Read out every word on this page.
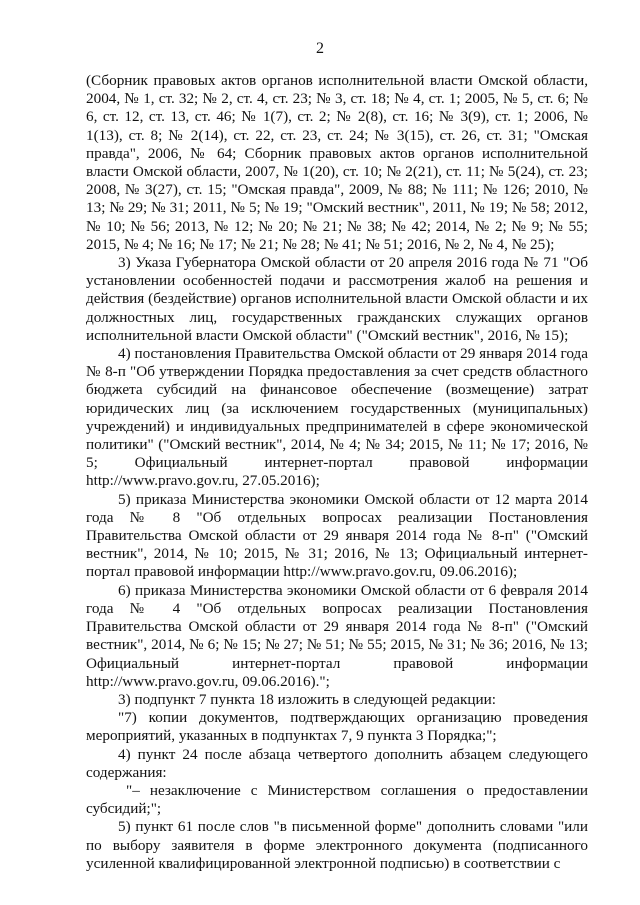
2

(Сборник правовых актов органов исполнительной власти Омской области, 2004, № 1, ст. 32; № 2, ст. 4, ст. 23; № 3, ст. 18; № 4, ст. 1; 2005, № 5, ст. 6; № 6, ст. 12, ст. 13, ст. 46; № 1(7), ст. 2; № 2(8), ст. 16; № 3(9), ст. 1; 2006, № 1(13), ст. 8; № 2(14), ст. 22, ст. 23, ст. 24; № 3(15), ст. 26, ст. 31; "Омская правда", 2006, № 64; Сборник правовых актов органов исполнительной власти Омской области, 2007, № 1(20), ст. 10; № 2(21), ст. 11; № 5(24), ст. 23; 2008, № 3(27), ст. 15; "Омская правда", 2009, № 88; № 111; № 126; 2010, № 13; № 29; № 31; 2011, № 5; № 19; "Омский вестник", 2011, № 19; № 58; 2012, № 10; № 56; 2013, № 12; № 20; № 21; № 38; № 42; 2014, № 2; № 9; № 55; 2015, № 4; № 16; № 17; № 21; № 28; № 41; № 51; 2016, № 2, № 4, № 25);

3) Указа Губернатора Омской области от 20 апреля 2016 года № 71 "Об установлении особенностей подачи и рассмотрения жалоб на решения и действия (бездействие) органов исполнительной власти Омской области и их должностных лиц, государственных гражданских служащих органов исполнительной власти Омской области" ("Омский вестник", 2016, № 15);

4) постановления Правительства Омской области от 29 января 2014 года № 8-п "Об утверждении Порядка предоставления за счет средств областного бюджета субсидий на финансовое обеспечение (возмещение) затрат юридических лиц (за исключением государственных (муниципальных) учреждений) и индивидуальных предпринимателей в сфере экономической политики" ("Омский вестник", 2014, № 4; № 34; 2015, № 11; № 17; 2016, № 5; Официальный интернет-портал правовой информации http://www.pravo.gov.ru, 27.05.2016);

5) приказа Министерства экономики Омской области от 12 марта 2014 года № 8 "Об отдельных вопросах реализации Постановления Правительства Омской области от 29 января 2014 года № 8-п" ("Омский вестник", 2014, № 10; 2015, № 31; 2016, № 13; Официальный интернет-портал правовой информации http://www.pravo.gov.ru, 09.06.2016);

6) приказа Министерства экономики Омской области от 6 февраля 2014 года № 4 "Об отдельных вопросах реализации Постановления Правительства Омской области от 29 января 2014 года № 8-п" ("Омский вестник", 2014, № 6; № 15; № 27; № 51; № 55; 2015, № 31; № 36; 2016, № 13; Официальный интернет-портал правовой информации http://www.pravo.gov.ru, 09.06.2016).";

3) подпункт 7 пункта 18 изложить в следующей редакции:

"7) копии документов, подтверждающих организацию проведения мероприятий, указанных в подпунктах 7, 9 пункта 3 Порядка;";

4) пункт 24 после абзаца четвертого дополнить абзацем следующего содержания:

"– незаключение с Министерством соглашения о предоставлении субсидий;";

5) пункт 61 после слов "в письменной форме" дополнить словами "или по выбору заявителя в форме электронного документа (подписанного усиленной квалифицированной электронной подписью) в соответствии с
